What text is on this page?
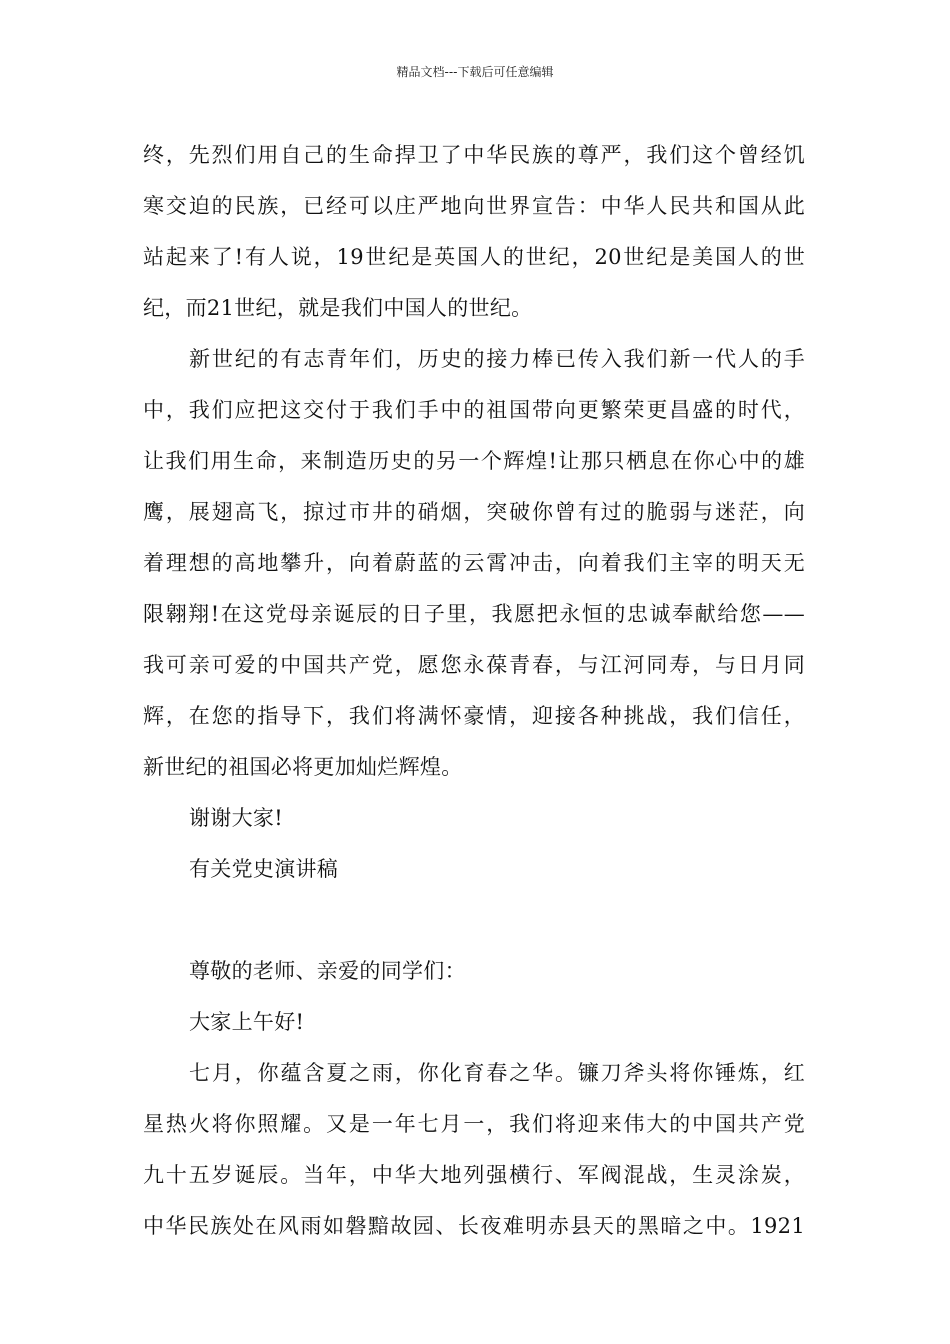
精品文档---下载后可任意编辑
终，先烈们用自己的生命捍卫了中华民族的尊严，我们这个曾经饥
寒交迫的民族，已经可以庄严地向世界宣告：中华人民共和国从此
站起来了!有人说，19世纪是英国人的世纪，20世纪是美国人的世
纪，而21世纪，就是我们中国人的世纪。
新世纪的有志青年们，历史的接力棒已传入我们新一代人的手
中，我们应把这交付于我们手中的祖国带向更繁荣更昌盛的时代，
让我们用生命，来制造历史的另一个辉煌!让那只栖息在你心中的雄
鹰，展翅高飞，掠过市井的硝烟，突破你曾有过的脆弱与迷茫，向
着理想的高地攀升，向着蔚蓝的云霄冲击，向着我们主宰的明天无
限翱翔!在这党母亲诞辰的日子里，我愿把永恒的忠诚奉献给您——
我可亲可爱的中国共产党，愿您永葆青春，与江河同寿，与日月同
辉，在您的指导下，我们将满怀豪情，迎接各种挑战，我们信任，
新世纪的祖国必将更加灿烂辉煌。
谢谢大家!
有关党史演讲稿
尊敬的老师、亲爱的同学们：
大家上午好!
七月，你蕴含夏之雨，你化育春之华。镰刀斧头将你锤炼，红
星热火将你照耀。又是一年七月一，我们将迎来伟大的中国共产党
九十五岁诞辰。当年，中华大地列强横行、军阀混战，生灵涂炭，
中华民族处在风雨如磐黯故园、长夜难明赤县天的黑暗之中。1921
